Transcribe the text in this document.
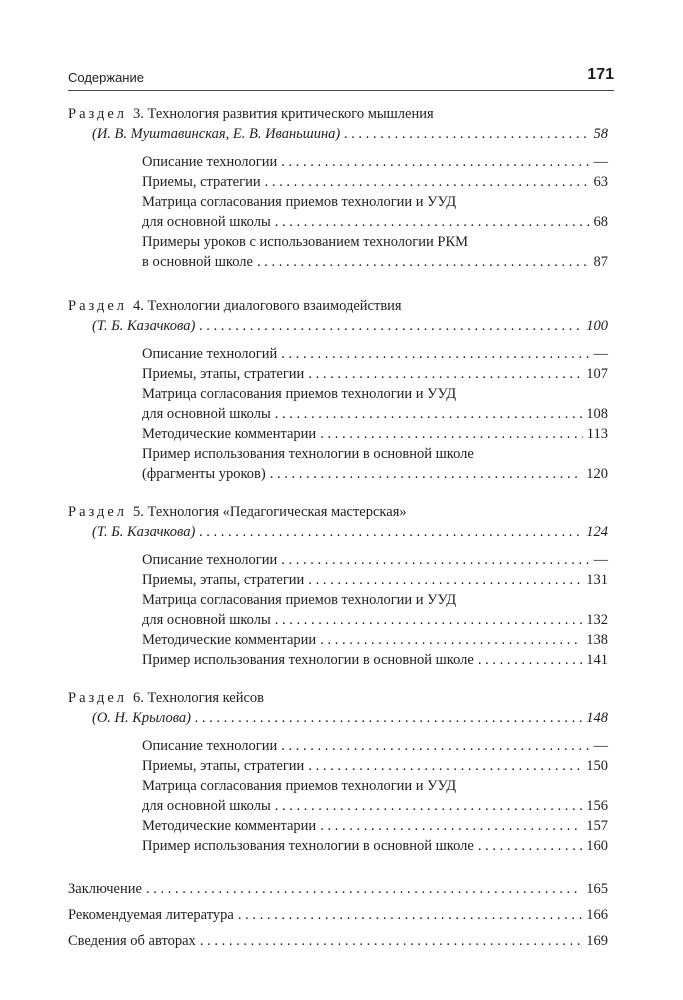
Содержание	171
Раздел 3. Технология развития критического мышления
(И. В. Муштавинская, Е. В. Иваньшина) . . .	58
Описание технологии . . .	—
Приемы, стратегии . . .	63
Матрица согласования приемов технологии и УУД
для основной школы . . .	68
Примеры уроков с использованием технологии РКМ
в основной школе . . .	87
Раздел 4. Технологии диалогового взаимодействия
(Т. Б. Казачкова) . . .	100
Описание технологий . . .	—
Приемы, этапы, стратегии . . .	107
Матрица согласования приемов технологии и УУД
для основной школы . . .	108
Методические комментарии . . .	113
Пример использования технологии в основной школе
(фрагменты уроков) . . .	120
Раздел 5. Технология «Педагогическая мастерская»
(Т. Б. Казачкова) . . .	124
Описание технологии . . .	—
Приемы, этапы, стратегии . . .	131
Матрица согласования приемов технологии и УУД
для основной школы . . .	132
Методические комментарии . . .	138
Пример использования технологии в основной школе . . .	141
Раздел 6. Технология кейсов
(О. Н. Крылова) . . .	148
Описание технологии . . .	—
Приемы, этапы, стратегии . . .	150
Матрица согласования приемов технологии и УУД
для основной школы . . .	156
Методические комментарии . . .	157
Пример использования технологии в основной школе . . .	160
Заключение . . .	165
Рекомендуемая литература . . .	166
Сведения об авторах . . .	169
